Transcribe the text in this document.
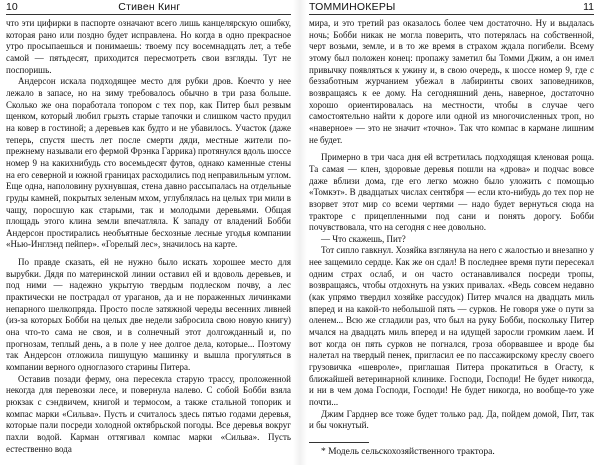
10	Стивен Кинг

что эти цифирки в паспорте означают всего лишь канцелярскую ошибку, которая рано или поздно будет исправлена. Но когда в одно прекрасное утро просыпаешься и понимаешь: твоему псу восемнадцать лет, а тебе самой — пятьдесят, приходится пересмотреть свои взгляды. Тут не поспоришь.

Андерсон искала подходящее место для рубки дров. Коечто у нее лежало в запасе, но на зиму требовалось обычно в три раза больше. Сколько же она поработала топором с тех пор, как Питер был резвым щенком, который любил грызть старые тапочки и слишком часто прудил на ковер в гостиной; а деревьев как будто и не убавилось. Участок (даже теперь, спустя шесть лет после смерти дяди, местные жители по-прежнему называли его фермой Фрэнка Гаррика) протянулся вдоль шоссе номер 9 на какихнибудь сто восемьдесят футов, однако каменные стены на его северной и южной границах расходились под неправильным углом. Еще одна, наполовину рухнувшая, стена давно рассыпалась на отдельные груды камней, покрытых зеленым мхом, углублялась на целых три мили в чащу, поросшую как старыми, так и молодыми деревьями. Общая площадь этого клина земли впечатляла. К западу от владений Бобби Андерсон простирались необъятные бесхозные лесные угодья компании «Нью-Инглэнд пейпер». «Горелый лес», значилось на карте.

По правде сказать, ей не нужно было искать хорошее место для вырубки. Дядя по материнской линии оставил ей и вдоволь деревьев, и под ними — надежно укрытую твердым подлеском почву, а лес практически не пострадал от ураганов, да и не пораженных личинками непарного шелкопряда. Просто после затяжной череды весенних ливней (из-за которых Бобби на целых две недели забросила свою новую книгу) она что-то сама не своя, и в солнечный этот долгожданный и, по прогнозам, теплый день, а в поле у нее долгое дела, которые... Поэтому так Андерсон отложила пишущую машинку и вышла прогуляться в компании верного одноглазого старины Питера.

Оставив позади ферму, она пересекла старую трассу, проложенной некогда для перевозки лесе, и повернула налево. С собой Бобби взяла рюкзак с сэндвичем, книгой и термосом, а также стальной топорик и компас марки «Сильва». Пусть и считалось здесь пятью годами деревья, которые пали посреди холодной октябрьской погоды. Все деревья вокруг пахли водой. Карман оттягивал компас марки «Сильва». Пусть естественно вода

ТОММИНОКЕРЫ	11

мира, и это третий раз оказалось более чем достаточно. Ну и выдалась ночь; Бобби никак не могла поверить, что потерялась на собственной, черт возьми, земле, и в то же время в страхом ждала погибели. Всему этому был положен конец: пропажу заметил бы Томми Джим, а он имел привычку появляться к ужину и, в свою очередь, к шоссе номер 9, где с беззаботным журчанием убежал в лабиринты своих заповедников, возвращаясь к ее дому. На сегодняшний день, наверное, достаточно хорошо ориентировалась на местности, чтобы в случае чего самостоятельно найти к дороге или одной из многочисленных троп, но «наверное» — это не значит «точно». Так что компас в кармане лишним не будет.

Примерно в три часа дня ей встретилась подходящая кленовая роща. Та самая — клен, здоровые деревья пошли на «дрова» и подчас вовсе даже вблизи дома, где его легко можно было уложить с помощью «Томкэт». В двадцатых числах сентября — если кто-нибудь до тех пор не взорвет этот мир со всеми чертями — надо будет вернуться сюда на тракторе с прицепленными под сани и понять дорогу. Бобби почувствовала, что на сегодня с нее довольно.

— Что скажешь, Пит?

Тот сипло гавкнул. Хозяйка взглянула на него с жалостью и внезапно у нее защемило сердце. Как же он сдал! В последнее время пути пересекал одним страх ослаб, и он часто останавливался посреди тропы, возвращаясь, чтобы отдохнуть на узких привалах. «Ведь совсем недавно (как упрямо твердил хозяйке рассудок) Питер мчался на двадцать миль вперед и на какой-то небольшой пять — сурков. Не говоря уже о пути за оленем... Всю же сгладили раз, что был на руку Бобби, поскольку Питер мчался на двадцать миль вперед и на идущей заросли громким лаем. И вот когда он пять сурков не погнался, гроза оборвавшее и вроде бы налетал на твердый пенек, пригласил ее по пассажирскому креслу своего грузовичка «шевроле», приглашая Питера прокатиться в Огасту, к ближайшей ветеринарной клинике. Господи, Господи! Не будет никогда, и ни в чем дома Господи, Господи! Не будет никогда, но вообще-то уже почти...

Джим Гарднер все тоже будет только рад. Да, пойдем домой, Пит, так и бы чокнутый.

* Модель сельскохозяйственного трактора.
